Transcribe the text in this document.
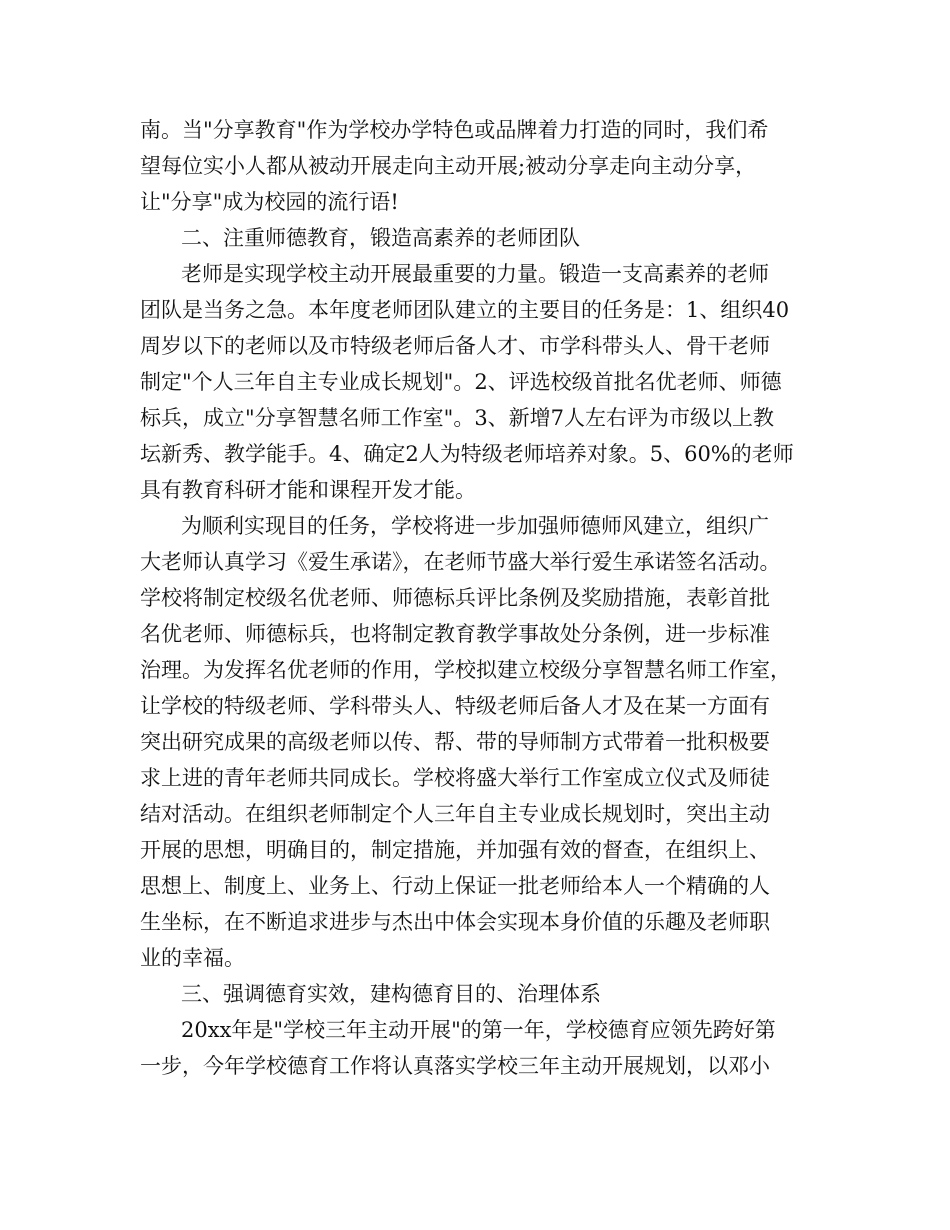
南。当"分享教育"作为学校办学特色或品牌着力打造的同时，我们希
望每位实小人都从被动开展走向主动开展;被动分享走向主动分享，
让"分享"成为校园的流行语!
二、注重师德教育，锻造高素养的老师团队
老师是实现学校主动开展最重要的力量。锻造一支高素养的老师
团队是当务之急。本年度老师团队建立的主要目的任务是：1、组织40
周岁以下的老师以及市特级老师后备人才、市学科带头人、骨干老师
制定"个人三年自主专业成长规划"。2、评选校级首批名优老师、师德
标兵，成立"分享智慧名师工作室"。3、新增7人左右评为市级以上教
坛新秀、教学能手。4、确定2人为特级老师培养对象。5、60%的老师
具有教育科研才能和课程开发才能。
为顺利实现目的任务，学校将进一步加强师德师风建立，组织广
大老师认真学习《爱生承诺》，在老师节盛大举行爱生承诺签名活动。
学校将制定校级名优老师、师德标兵评比条例及奖励措施，表彰首批
名优老师、师德标兵，也将制定教育教学事故处分条例，进一步标准
治理。为发挥名优老师的作用，学校拟建立校级分享智慧名师工作室，
让学校的特级老师、学科带头人、特级老师后备人才及在某一方面有
突出研究成果的高级老师以传、帮、带的导师制方式带着一批积极要
求上进的青年老师共同成长。学校将盛大举行工作室成立仪式及师徒
结对活动。在组织老师制定个人三年自主专业成长规划时，突出主动
开展的思想，明确目的，制定措施，并加强有效的督查，在组织上、
思想上、制度上、业务上、行动上保证一批老师给本人一个精确的人
生坐标，在不断追求进步与杰出中体会实现本身价值的乐趣及老师职
业的幸福。
三、强调德育实效，建构德育目的、治理体系
20xx年是"学校三年主动开展"的第一年，学校德育应领先跨好第
一步，今年学校德育工作将认真落实学校三年主动开展规划，以邓小
